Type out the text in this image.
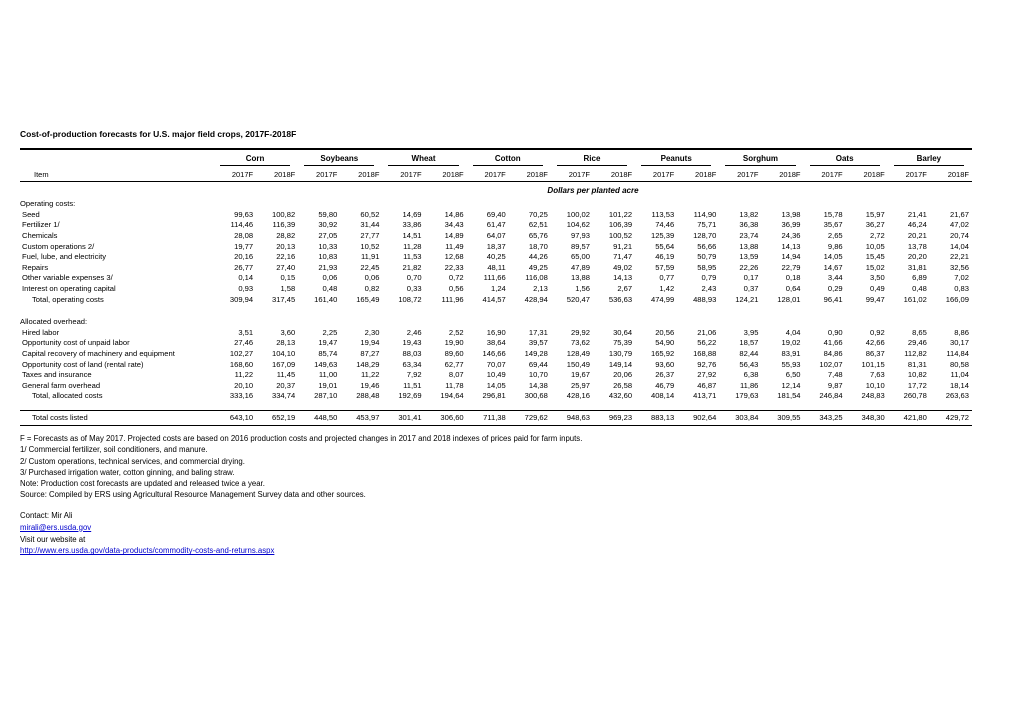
Cost-of-production forecasts for U.S. major field crops, 2017F-2018F

	Corn		Soybeans		Wheat		Cotton		Rice		Peanuts		Sorghum		Oats		Barley	

Item	2017F	2018F	2017F	2018F	2017F	2018F	2017F	2018F	2017F	2018F	2017F	2018F	2017F	2018F	2017F	2018F	2017F	2018F
	Dollars per planted acre																	
Operating costs:																		
Seed	99,63	100,82	59,80	60,52	14,69	14,86	69,40	70,25	100,02	101,22	113,53	114,90	13,82	13,98	15,78	15,97	21,41	21,67
Fertilizer 1/	114,46	116,39	30,92	31,44	33,86	34,43	61,47	62,51	104,62	106,39	74,46	75,71	36,38	36,99	35,67	36,27	46,24	47,02
Chemicals	28,08	28,82	27,05	27,77	14,51	14,89	64,07	65,76	97,93	100,52	125,39	128,70	23,74	24,36	2,65	2,72	20,21	20,74
Custom operations 2/	19,77	20,13	10,33	10,52	11,28	11,49	18,37	18,70	89,57	91,21	55,64	56,66	13,88	14,13	9,86	10,05	13,78	14,04
Fuel, lube, and electricity	20,16	22,16	10,83	11,91	11,53	12,68	40,25	44,26	65,00	71,47	46,19	50,79	13,59	14,94	14,05	15,45	20,20	22,21
Repairs	26,77	27,40	21,93	22,45	21,82	22,33	48,11	49,25	47,89	49,02	57,59	58,95	22,26	22,79	14,67	15,02	31,81	32,56
Other variable expenses 3/	0,14	0,15	0,06	0,06	0,70	0,72	111,66	116,08	13,88	14,13	0,77	0,79	0,17	0,18	3,44	3,50	6,89	7,02
Interest on operating capital	0,93	1,58	0,48	0,82	0,33	0,56	1,24	2,13	1,56	2,67	1,42	2,43	0,37	0,64	0,29	0,49	0,48	0,83
Total, operating costs	309,94	317,45	161,40	165,49	108,72	111,96	414,57	428,94	520,47	536,63	474,99	488,93	124,21	128,01	96,41	99,47	161,02	166,09

Allocated overhead:																		
Hired labor	3,51	3,60	2,25	2,30	2,46	2,52	16,90	17,31	29,92	30,64	20,56	21,06	3,95	4,04	0,90	0,92	8,65	8,86
Opportunity cost of unpaid labor	27,46	28,13	19,47	19,94	19,43	19,90	38,64	39,57	73,62	75,39	54,90	56,22	18,57	19,02	41,66	42,66	29,46	30,17
Capital recovery of machinery and equipment	102,27	104,10	85,74	87,27	88,03	89,60	146,66	149,28	128,49	130,79	165,92	168,88	82,44	83,91	84,86	86,37	112,82	114,84
Opportunity cost of land (rental rate)	168,60	167,09	149,63	148,29	63,34	62,77	70,07	69,44	150,49	149,14	93,60	92,76	56,43	55,93	102,07	101,15	81,31	80,58
Taxes and insurance	11,22	11,45	11,00	11,22	7,92	8,07	10,49	10,70	19,67	20,06	26,37	27,92	6,38	6,50	7,48	7,63	10,82	11,04
General farm overhead	20,10	20,37	19,01	19,46	11,51	11,78	14,05	14,38	25,97	26,58	46,79	46,87	11,86	12,14	9,87	10,10	17,72	18,14
Total, allocated costs	333,16	334,74	287,10	288,48	192,69	194,64	296,81	300,68	428,16	432,60	408,14	413,71	179,63	181,54	246,84	248,83	260,78	263,63

Total costs listed	643,10	652,19	448,50	453,97	301,41	306,60	711,38	729,62	948,63	969,23	883,13	902,64	303,84	309,55	343,25	348,30	421,80	429,72
F = Forecasts as of May 2017. Projected costs are based on 2016 production costs and projected changes in 2017 and 2018 indexes of prices paid for farm inputs.
1/ Commercial fertilizer, soil conditioners, and manure.
2/ Custom operations, technical services, and commercial drying.
3/ Purchased irrigation water, cotton ginning, and baling straw.
Note: Production cost forecasts are updated and released twice a year.
Source: Compiled by ERS using Agricultural Resource Management Survey data and other sources.
Contact: Mir Ali
mirali@ers.usda.gov
Visit our website at
http://www.ers.usda.gov/data-products/commodity-costs-and-returns.aspx
